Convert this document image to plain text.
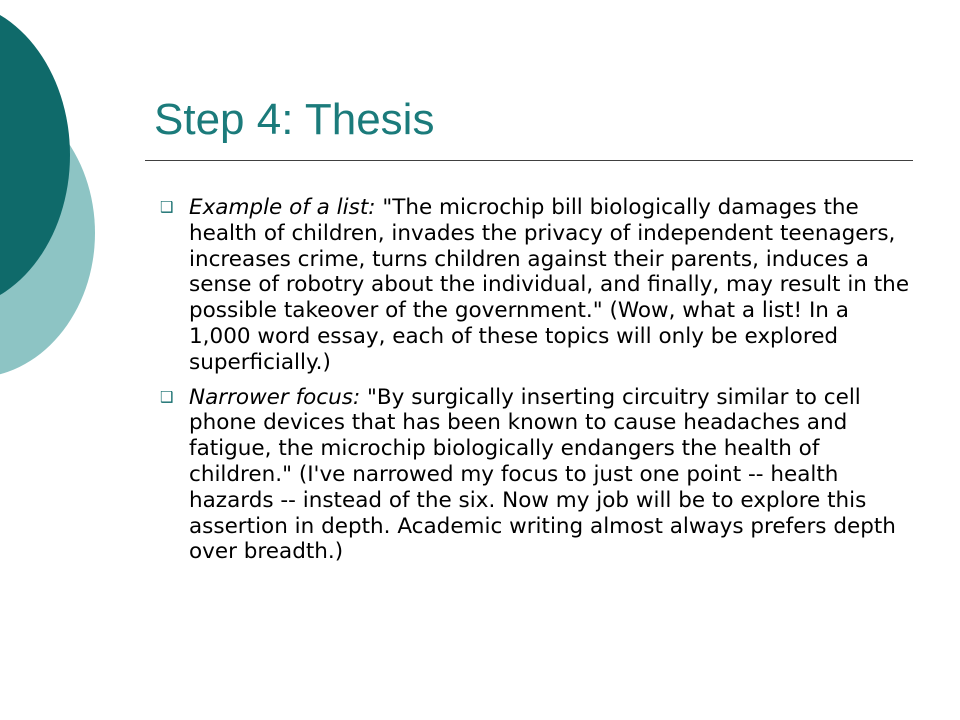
Step 4: Thesis
❑ Example of a list: "The microchip bill biologically damages the health of children, invades the privacy of independent teenagers, increases crime, turns children against their parents, induces a sense of robotry about the individual, and finally, may result in the possible takeover of the government." (Wow, what a list! In a 1,000 word essay, each of these topics will only be explored superficially.)
❑ Narrower focus: "By surgically inserting circuitry similar to cell phone devices that has been known to cause headaches and fatigue, the microchip biologically endangers the health of children." (I've narrowed my focus to just one point -- health hazards -- instead of the six. Now my job will be to explore this assertion in depth. Academic writing almost always prefers depth over breadth.)
